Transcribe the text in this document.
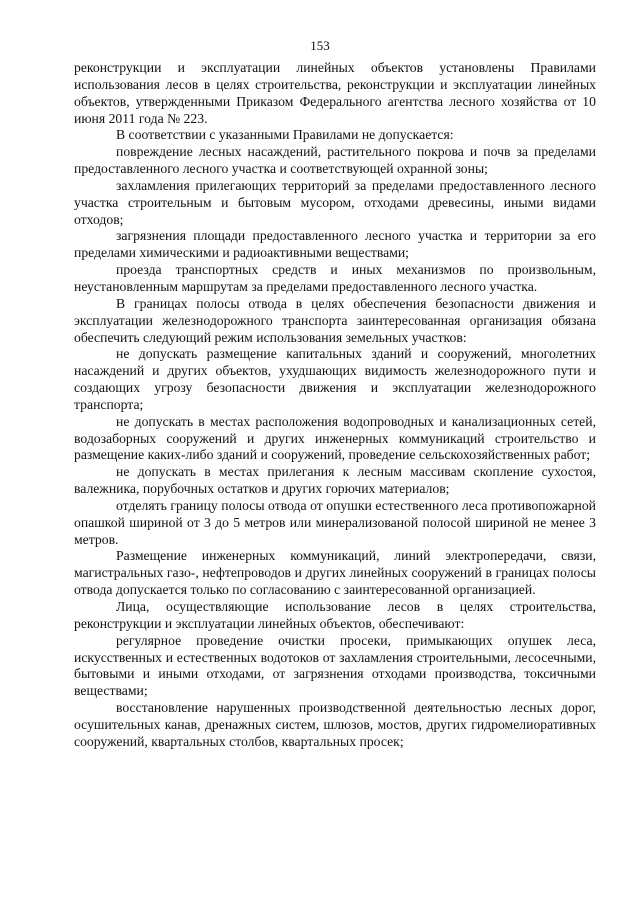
153

реконструкции и эксплуатации линейных объектов установлены Правилами использования лесов в целях строительства, реконструкции и эксплуатации линейных объектов, утвержденными Приказом Федерального агентства лесного хозяйства от 10 июня 2011 года № 223.

В соответствии с указанными Правилами не допускается:

повреждение лесных насаждений, растительного покрова и почв за пределами предоставленного лесного участка и соответствующей охранной зоны;

захламления прилегающих территорий за пределами предоставленного лесного участка строительным и бытовым мусором, отходами древесины, иными видами отходов;

загрязнения площади предоставленного лесного участка и территории за его пределами химическими и радиоактивными веществами;

проезда транспортных средств и иных механизмов по произвольным, неустановленным маршрутам за пределами предоставленного лесного участка.

В границах полосы отвода в целях обеспечения безопасности движения и эксплуатации железнодорожного транспорта заинтересованная организация обязана обеспечить следующий режим использования земельных участков:

не допускать размещение капитальных зданий и сооружений, многолетних насаждений и других объектов, ухудшающих видимость железнодорожного пути и создающих угрозу безопасности движения и эксплуатации железнодорожного транспорта;

не допускать в местах расположения водопроводных и канализационных сетей, водозаборных сооружений и других инженерных коммуникаций строительство и размещение каких-либо зданий и сооружений, проведение сельскохозяйственных работ;

не допускать в местах прилегания к лесным массивам скопление сухостоя, валежника, порубочных остатков и других горючих материалов;

отделять границу полосы отвода от опушки естественного леса противопожарной опашкой шириной от 3 до 5 метров или минерализованой полосой шириной не менее 3 метров.

Размещение инженерных коммуникаций, линий электропередачи, связи, магистральных газо-, нефтепроводов и других линейных сооружений в границах полосы отвода допускается только по согласованию с заинтересованной организацией.

Лица, осуществляющие использование лесов в целях строительства, реконструкции и эксплуатации линейных объектов, обеспечивают:

регулярное проведение очистки просеки, примыкающих опушек леса, искусственных и естественных водотоков от захламления строительными, лесосечными, бытовыми и иными отходами, от загрязнения отходами производства, токсичными веществами;

восстановление нарушенных производственной деятельностью лесных дорог, осушительных канав, дренажных систем, шлюзов, мостов, других гидромелиоративных сооружений, квартальных столбов, квартальных просек;
